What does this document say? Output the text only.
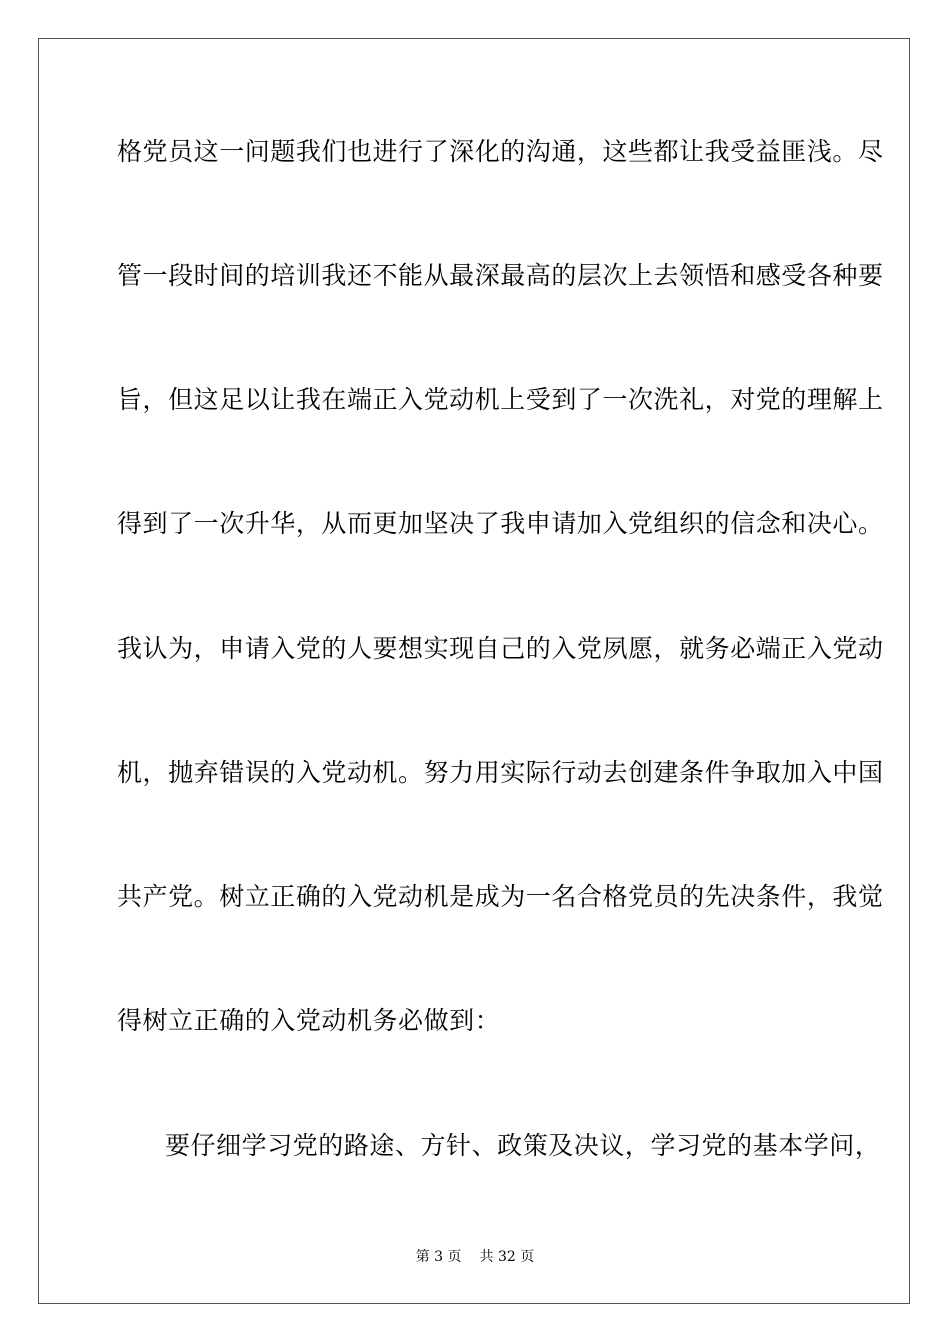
格党员这一问题我们也进行了深化的沟通，这些都让我受益匪浅。尽
管一段时间的培训我还不能从最深最高的层次上去领悟和感受各种要
旨，但这足以让我在端正入党动机上受到了一次洗礼，对党的理解上
得到了一次升华，从而更加坚决了我申请加入党组织的信念和决心。
我认为，申请入党的人要想实现自己的入党夙愿，就务必端正入党动
机，抛弃错误的入党动机。努力用实际行动去创建条件争取加入中国
共产党。树立正确的入党动机是成为一名合格党员的先决条件，我觉
得树立正确的入党动机务必做到：
要仔细学习党的路途、方针、政策及决议，学习党的基本学问，
第 3 页 共 32 页
